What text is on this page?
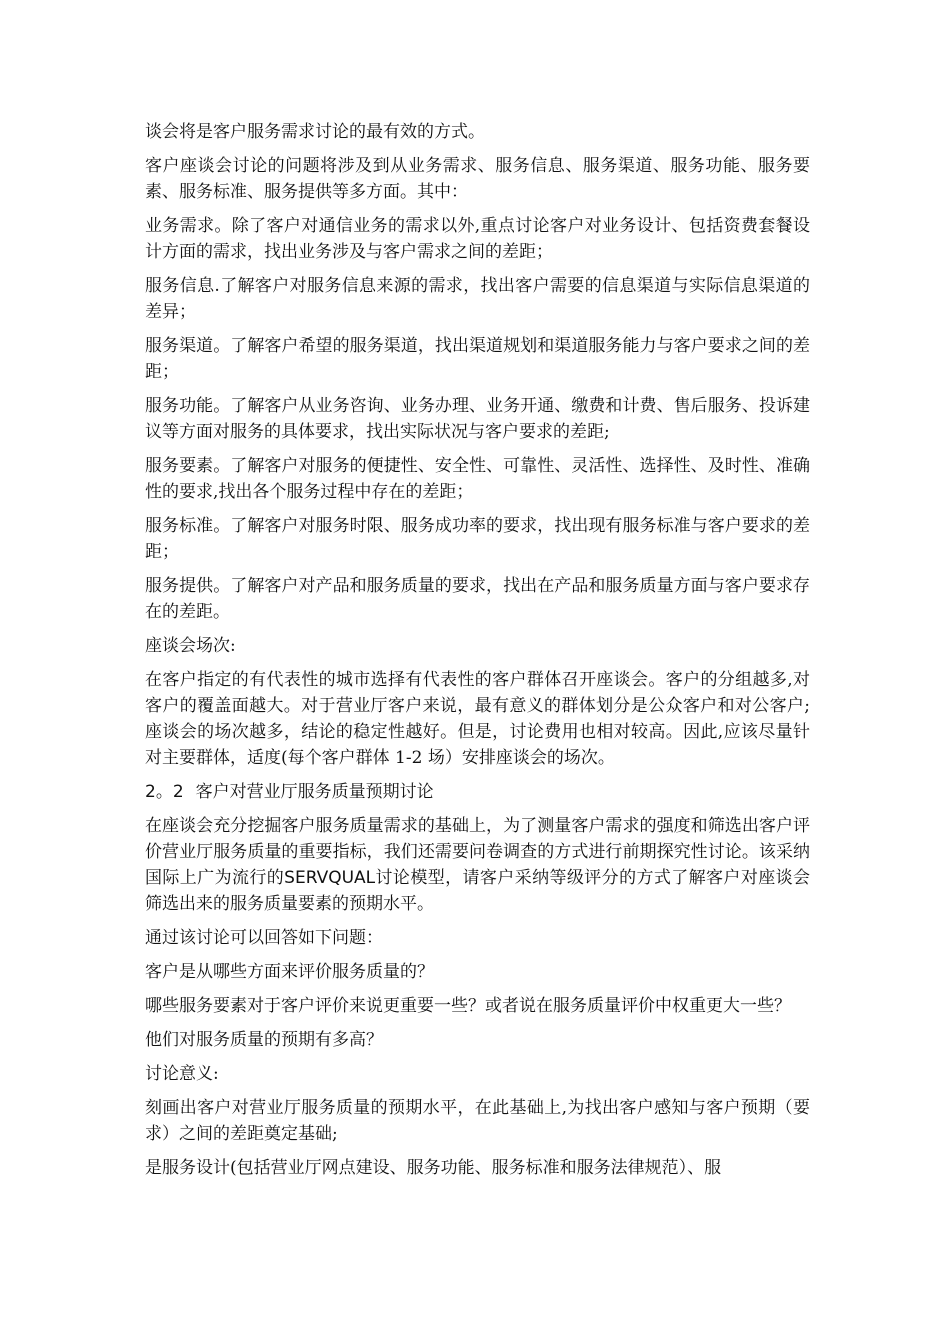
谈会将是客户服务需求讨论的最有效的方式。

客户座谈会讨论的问题将涉及到从业务需求、服务信息、服务渠道、服务功能、服务要素、服务标准、服务提供等多方面。其中：

业务需求。除了客户对通信业务的需求以外,重点讨论客户对业务设计、包括资费套餐设计方面的需求，找出业务涉及与客户需求之间的差距；

服务信息.了解客户对服务信息来源的需求，找出客户需要的信息渠道与实际信息渠道的差异；

服务渠道。了解客户希望的服务渠道，找出渠道规划和渠道服务能力与客户要求之间的差距；

服务功能。了解客户从业务咨询、业务办理、业务开通、缴费和计费、售后服务、投诉建议等方面对服务的具体要求，找出实际状况与客户要求的差距;

服务要素。了解客户对服务的便捷性、安全性、可靠性、灵活性、选择性、及时性、准确性的要求,找出各个服务过程中存在的差距；

服务标准。了解客户对服务时限、服务成功率的要求，找出现有服务标准与客户要求的差距；

服务提供。了解客户对产品和服务质量的要求，找出在产品和服务质量方面与客户要求存在的差距。

座谈会场次:

在客户指定的有代表性的城市选择有代表性的客户群体召开座谈会。客户的分组越多,对客户的覆盖面越大。对于营业厅客户来说，最有意义的群体划分是公众客户和对公客户;座谈会的场次越多，结论的稳定性越好。但是，讨论费用也相对较高。因此,应该尽量针对主要群体，适度(每个客户群体 1-2 场）安排座谈会的场次。

2。2 客户对营业厅服务质量预期讨论

在座谈会充分挖掘客户服务质量需求的基础上，为了测量客户需求的强度和筛选出客户评价营业厅服务质量的重要指标，我们还需要问卷调查的方式进行前期探究性讨论。该采纳国际上广为流行的SERVQUAL讨论模型，请客户采纳等级评分的方式了解客户对座谈会筛选出来的服务质量要素的预期水平。

通过该讨论可以回答如下问题：

客户是从哪些方面来评价服务质量的？

哪些服务要素对于客户评价来说更重要一些？或者说在服务质量评价中权重更大一些？

他们对服务质量的预期有多高？

讨论意义:

刻画出客户对营业厅服务质量的预期水平，在此基础上,为找出客户感知与客户预期（要求）之间的差距奠定基础;

是服务设计(包括营业厅网点建设、服务功能、服务标准和服务法律规范）、服
